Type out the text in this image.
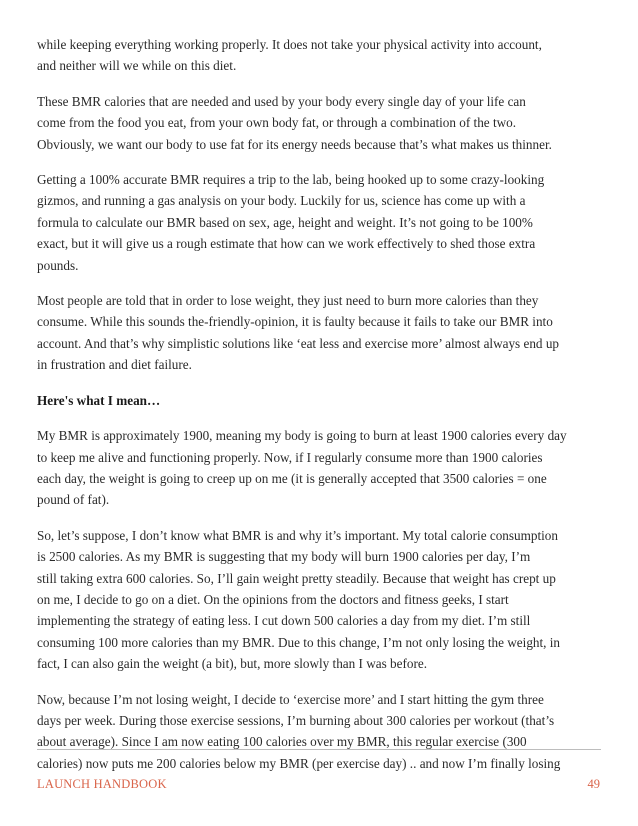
while keeping everything working properly. It does not take your physical activity into account,
and neither will we while on this diet.

These BMR calories that are needed and used by your body every single day of your life can
come from the food you eat, from your own body fat, or through a combination of the two.
Obviously, we want our body to use fat for its energy needs because that’s what makes us thinner.

Getting a 100% accurate BMR requires a trip to the lab, being hooked up to some crazy-looking
gizmos, and running a gas analysis on your body. Luckily for us, science has come up with a
formula to calculate our BMR based on sex, age, height and weight. It’s not going to be 100%
exact, but it will give us a rough estimate that how can we work effectively to shed those extra
pounds.

Most people are told that in order to lose weight, they just need to burn more calories than they
consume. While this sounds the-friendly-opinion, it is faulty because it fails to take our BMR into
account. And that’s why simplistic solutions like ‘eat less and exercise more’ almost always end up
in frustration and diet failure.

Here's what I mean…

My BMR is approximately 1900, meaning my body is going to burn at least 1900 calories every day
to keep me alive and functioning properly. Now, if I regularly consume more than 1900 calories
each day, the weight is going to creep up on me (it is generally accepted that 3500 calories = one
pound of fat).

So, let’s suppose, I don’t know what BMR is and why it’s important. My total calorie consumption
is 2500 calories. As my BMR is suggesting that my body will burn 1900 calories per day, I’m
still taking extra 600 calories. So, I’ll gain weight pretty steadily. Because that weight has crept up
on me, I decide to go on a diet. On the opinions from the doctors and fitness geeks, I start
implementing the strategy of eating less. I cut down 500 calories a day from my diet. I’m still
consuming 100 more calories than my BMR. Due to this change, I’m not only losing the weight, in
fact, I can also gain the weight (a bit), but, more slowly than I was before.

Now, because I’m not losing weight, I decide to ‘exercise more’ and I start hitting the gym three
days per week. During those exercise sessions, I’m burning about 300 calories per workout (that’s
about average). Since I am now eating 100 calories over my BMR, this regular exercise (300
calories) now puts me 200 calories below my BMR (per exercise day) .. and now I’m finally losing

LAUNCH HANDBOOK	49
